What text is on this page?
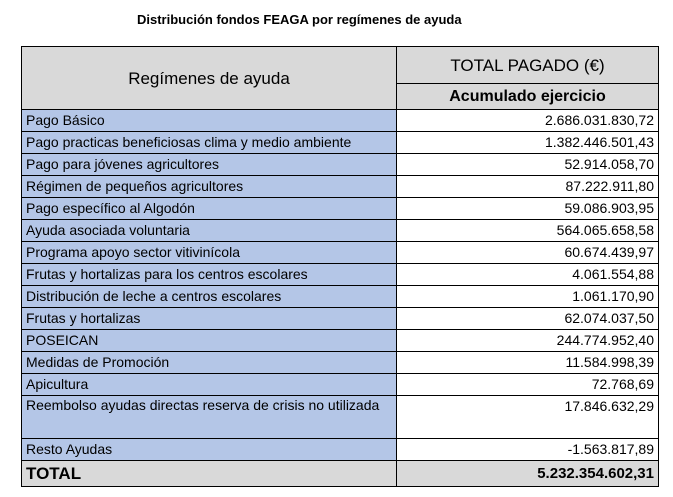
Distribución fondos FEAGA por regímenes de ayuda
Regímenes de ayuda	TOTAL PAGADO (€)
	Acumulado ejercicio
Pago Básico	2.686.031.830,72
Pago practicas beneficiosas clima y medio ambiente	1.382.446.501,43
Pago para jóvenes agricultores	52.914.058,70
Régimen de pequeños agricultores	87.222.911,80
Pago específico al Algodón	59.086.903,95
Ayuda asociada voluntaria	564.065.658,58
Programa apoyo sector vitivinícola	60.674.439,97
Frutas y hortalizas para los centros escolares	4.061.554,88
Distribución de leche a centros escolares	1.061.170,90
Frutas y hortalizas	62.074.037,50
POSEICAN	244.774.952,40
Medidas de Promoción	11.584.998,39
Apicultura	72.768,69
Reembolso ayudas directas reserva de crisis no utilizada	17.846.632,29
Resto Ayudas	-1.563.817,89
TOTAL	5.232.354.602,31
